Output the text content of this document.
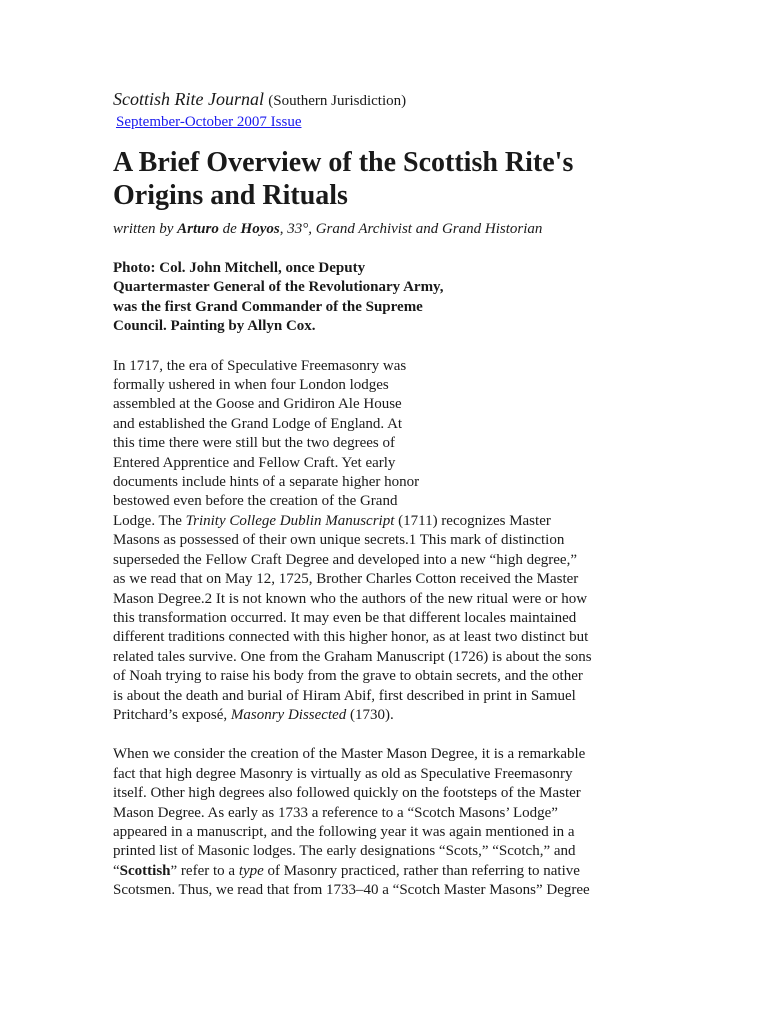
Scottish Rite Journal (Southern Jurisdiction)

September-October 2007 Issue
A Brief Overview of the Scottish Rite's
Origins and Rituals

written by Arturo de Hoyos, 33°, Grand Archivist and Grand Historian

Photo: Col. John Mitchell, once Deputy Quartermaster General of the Revolutionary Army, was the first Grand Commander of the Supreme Council. Painting by Allyn Cox.

In 1717, the era of Speculative Freemasonry was

formally ushered in when four London lodges

assembled at the Goose and Gridiron Ale House

and established the Grand Lodge of England. At

this time there were still but the two degrees of

Entered Apprentice and Fellow Craft. Yet early

documents include hints of a separate higher honor

bestowed even before the creation of the Grand

Lodge. The Trinity College Dublin Manuscript (1711) recognizes Master

Masons as possessed of their own unique secrets.1 This mark of distinction

superseded the Fellow Craft Degree and developed into a new “high degree,”

as we read that on May 12, 1725, Brother Charles Cotton received the Master

Mason Degree.2 It is not known who the authors of the new ritual were or how

this transformation occurred. It may even be that different locales maintained

different traditions connected with this higher honor, as at least two distinct but

related tales survive. One from the Graham Manuscript (1726) is about the sons

of Noah trying to raise his body from the grave to obtain secrets, and the other

is about the death and burial of Hiram Abif, first described in print in Samuel

Pritchard’s exposé, Masonry Dissected (1730).

When we consider the creation of the Master Mason Degree, it is a remarkable

fact that high degree Masonry is virtually as old as Speculative Freemasonry

itself. Other high degrees also followed quickly on the footsteps of the Master

Mason Degree. As early as 1733 a reference to a “Scotch Masons’ Lodge”

appeared in a manuscript, and the following year it was again mentioned in a

printed list of Masonic lodges. The early designations “Scots,” “Scotch,” and

“Scottish” refer to a type of Masonry practiced, rather than referring to native

Scotsmen. Thus, we read that from 1733–40 a “Scotch Master Masons” Degree
